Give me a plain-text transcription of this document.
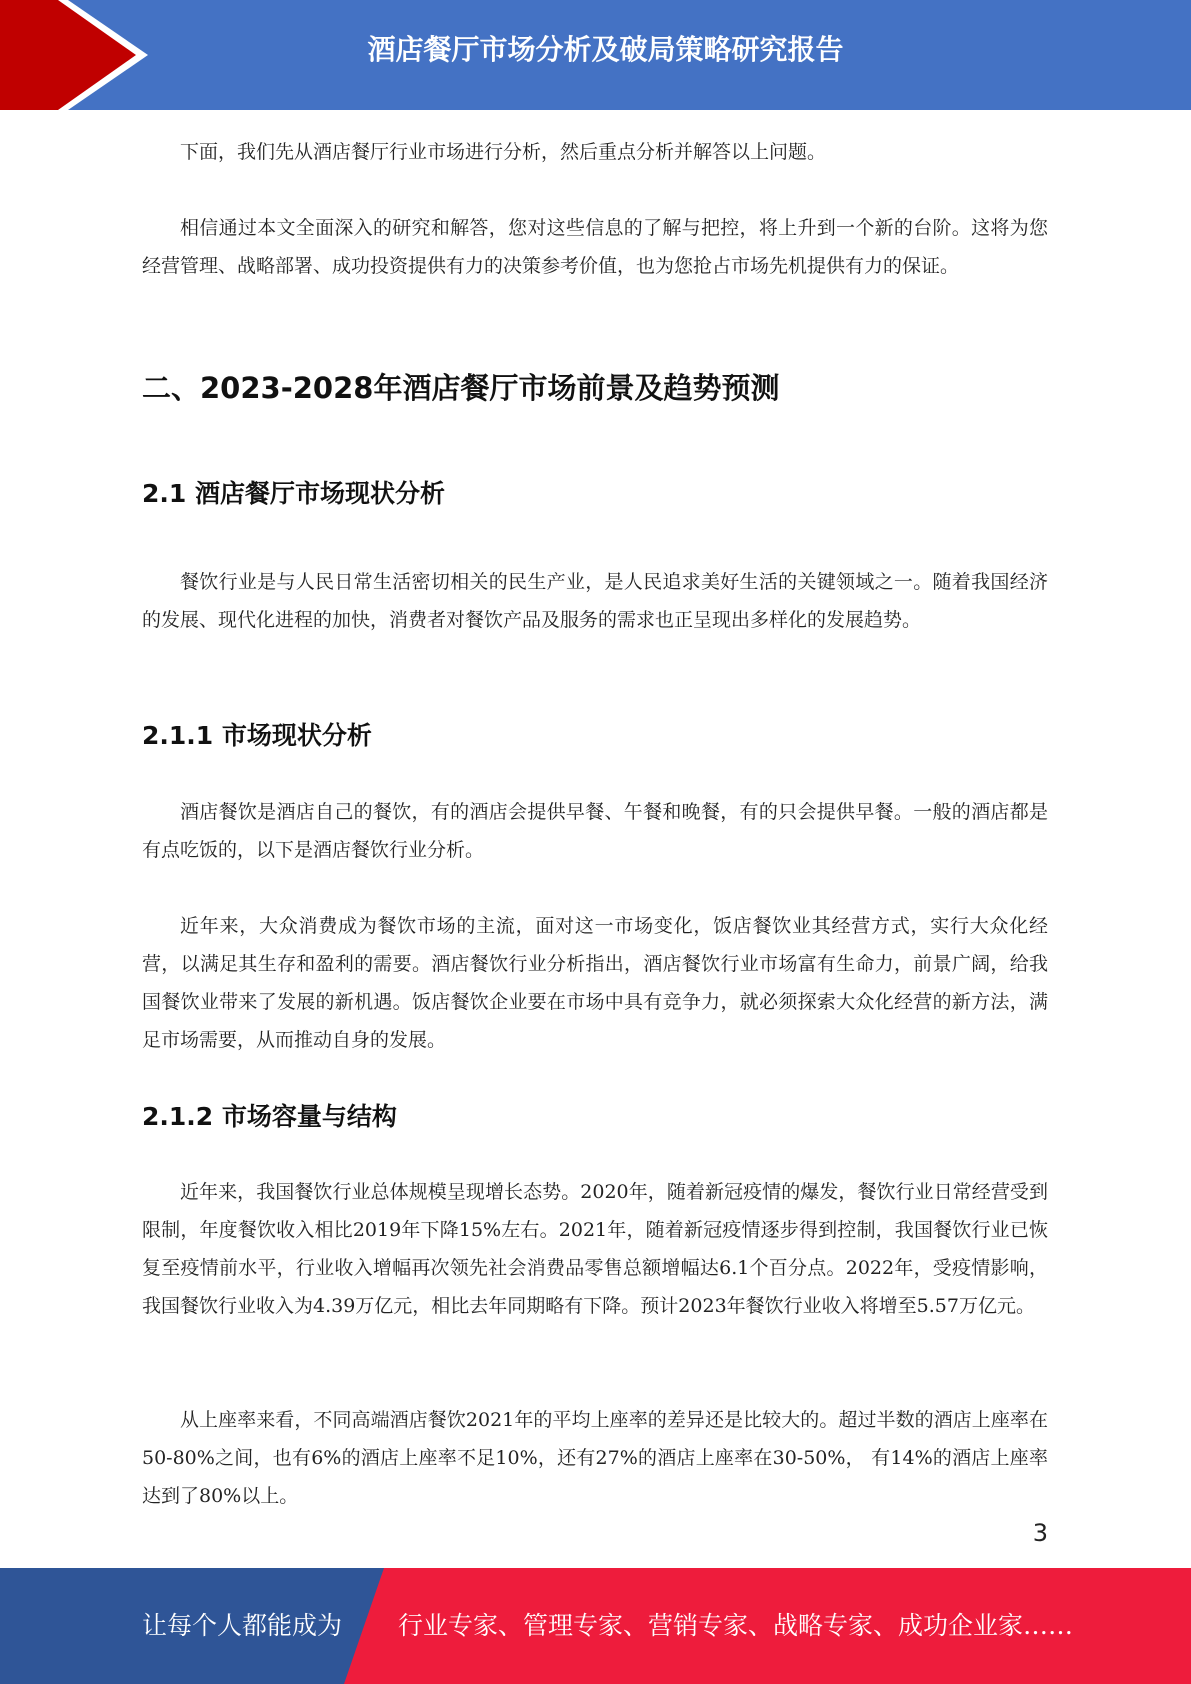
酒店餐厅市场分析及破局策略研究报告

下面，我们先从酒店餐厅行业市场进行分析，然后重点分析并解答以上问题。

相信通过本文全面深入的研究和解答，您对这些信息的了解与把控，将上升到一个新的台阶。这将为您经营管理、战略部署、成功投资提供有力的决策参考价值，也为您抢占市场先机提供有力的保证。

二、2023-2028年酒店餐厅市场前景及趋势预测
2.1 酒店餐厅市场现状分析

餐饮行业是与人民日常生活密切相关的民生产业，是人民追求美好生活的关键领域之一。随着我国经济的发展、现代化进程的加快，消费者对餐饮产品及服务的需求也正呈现出多样化的发展趋势。

2.1.1 市场现状分析

酒店餐饮是酒店自己的餐饮，有的酒店会提供早餐、午餐和晚餐，有的只会提供早餐。一般的酒店都是有点吃饭的，以下是酒店餐饮行业分析。

近年来，大众消费成为餐饮市场的主流，面对这一市场变化，饭店餐饮业其经营方式，实行大众化经营，以满足其生存和盈利的需要。酒店餐饮行业分析指出，酒店餐饮行业市场富有生命力，前景广阔，给我国餐饮业带来了发展的新机遇。饭店餐饮企业要在市场中具有竞争力，就必须探索大众化经营的新方法，满足市场需要，从而推动自身的发展。

2.1.2 市场容量与结构

近年来，我国餐饮行业总体规模呈现增长态势。2020年，随着新冠疫情的爆发，餐饮行业日常经营受到限制，年度餐饮收入相比2019年下降15%左右。2021年，随着新冠疫情逐步得到控制，我国餐饮行业已恢复至疫情前水平，行业收入增幅再次领先社会消费品零售总额增幅达6.1个百分点。2022年，受疫情影响，我国餐饮行业收入为4.39万亿元，相比去年同期略有下降。预计2023年餐饮行业收入将增至5.57万亿元。

从上座率来看，不同高端酒店餐饮2021年的平均上座率的差异还是比较大的。超过半数的酒店上座率在50-80%之间，也有6%的酒店上座率不足10%，还有27%的酒店上座率在30-50%， 有14%的酒店上座率达到了80%以上。

3
让每个人都能成为 行业专家、管理专家、营销专家、战略专家、成功企业家……
